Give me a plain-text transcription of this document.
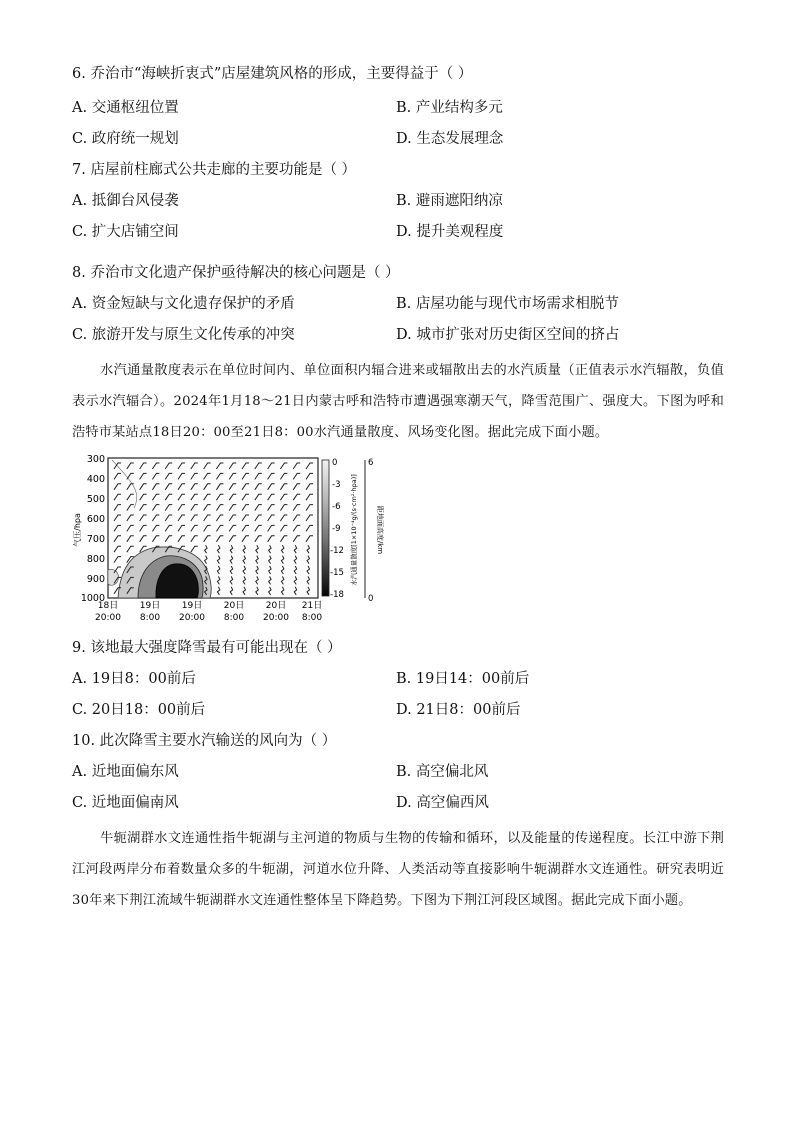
6. 乔治市“海峡折衷式”店屋建筑风格的形成，主要得益于（ ）
A. 交通枢纽位置	B. 产业结构多元
C. 政府统一规划	D. 生态发展理念
7. 店屋前柱廊式公共走廊的主要功能是（ ）
A. 抵御台风侵袭	B. 避雨遮阳纳凉
C. 扩大店铺空间	D. 提升美观程度
8. 乔治市文化遗产保护亟待解决的核心问题是（ ）
A. 资金短缺与文化遗存保护的矛盾	B. 店屋功能与现代市场需求相脱节
C. 旅游开发与原生文化传承的冲突	D. 城市扩张对历史街区空间的挤占
水汽通量散度表示在单位时间内、单位面积内辐合进来或辐散出去的水汽质量（正值表示水汽辐散，负值表示水汽辐合）。2024年1月18～21日内蒙古呼和浩特市遭遇强寒潮天气，降雪范围广、强度大。下图为呼和浩特市某站点18日20：00至21日8：00水汽通量散度、风场变化图。据此完成下面小题。
气压/hpa
300
400
500
600
700
800
900
1000
18日
20:00
19日
8:00
19日
20:00
20日
8:00
20日
20:00
21日
8:00
0
-3
-6
-9
-12
-15
-18
水汽通量散度[1×10⁻⁴g/(s·cm²·hpa)]
6
0
距地面高度/km
9. 该地最大强度降雪最有可能出现在（ ）
A. 19日8：00前后	B. 19日14：00前后
C. 20日18：00前后	D. 21日8：00前后
10. 此次降雪主要水汽输送的风向为（ ）
A. 近地面偏东风	B. 高空偏北风
C. 近地面偏南风	D. 高空偏西风
牛轭湖群水文连通性指牛轭湖与主河道的物质与生物的传输和循环，以及能量的传递程度。长江中游下荆江河段两岸分布着数量众多的牛轭湖，河道水位升降、人类活动等直接影响牛轭湖群水文连通性。研究表明近30年来下荆江流域牛轭湖群水文连通性整体呈下降趋势。下图为下荆江河段区域图。据此完成下面小题。
